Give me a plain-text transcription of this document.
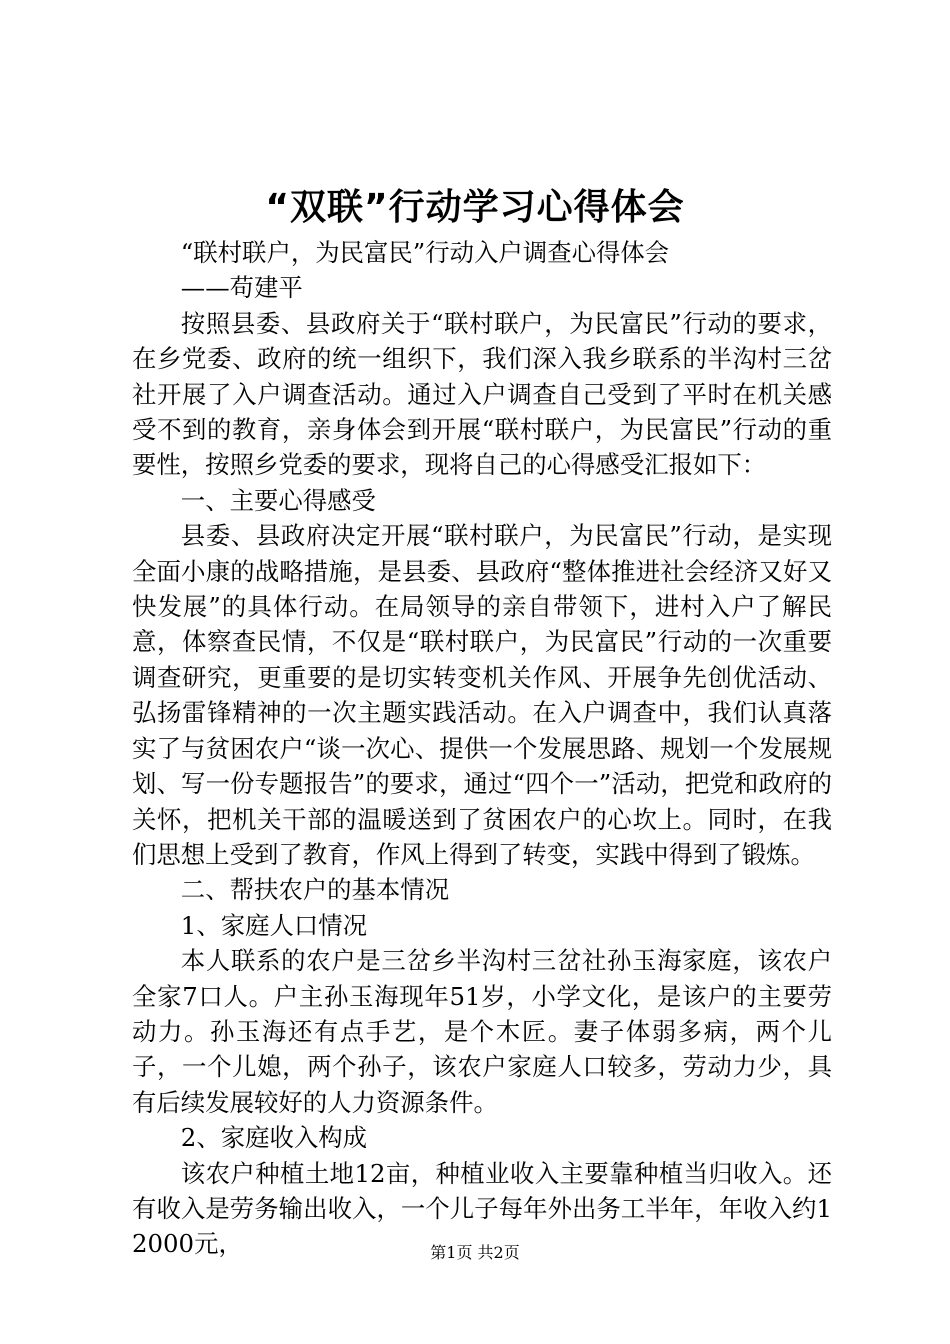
“双联”行动学习心得体会

“联村联户，为民富民”行动入户调查心得体会

——苟建平

按照县委、县政府关于“联村联户，为民富民”行动的要求，在乡党委、政府的统一组织下，我们深入我乡联系的半沟村三岔社开展了入户调查活动。通过入户调查自己受到了平时在机关感受不到的教育，亲身体会到开展“联村联户，为民富民”行动的重要性，按照乡党委的要求，现将自己的心得感受汇报如下：

一、主要心得感受

县委、县政府决定开展“联村联户，为民富民”行动，是实现全面小康的战略措施，是县委、县政府“整体推进社会经济又好又快发展”的具体行动。在局领导的亲自带领下，进村入户了解民意，体察查民情，不仅是“联村联户，为民富民”行动的一次重要调查研究，更重要的是切实转变机关作风、开展争先创优活动、弘扬雷锋精神的一次主题实践活动。在入户调查中，我们认真落实了与贫困农户“谈一次心、提供一个发展思路、规划一个发展规划、写一份专题报告”的要求，通过“四个一”活动，把党和政府的关怀，把机关干部的温暖送到了贫困农户的心坎上。同时，在我们思想上受到了教育，作风上得到了转变，实践中得到了锻炼。

二、帮扶农户的基本情况

1、家庭人口情况

本人联系的农户是三岔乡半沟村三岔社孙玉海家庭，该农户全家7口人。户主孙玉海现年51岁，小学文化，是该户的主要劳动力。孙玉海还有点手艺，是个木匠。妻子体弱多病，两个儿子，一个儿媳，两个孙子，该农户家庭人口较多，劳动力少，具有后续发展较好的人力资源条件。

2、家庭收入构成

该农户种植土地12亩，种植业收入主要靠种植当归收入。还有收入是劳务输出收入，一个儿子每年外出务工半年，年收入约12000元，	第1页 共2页
